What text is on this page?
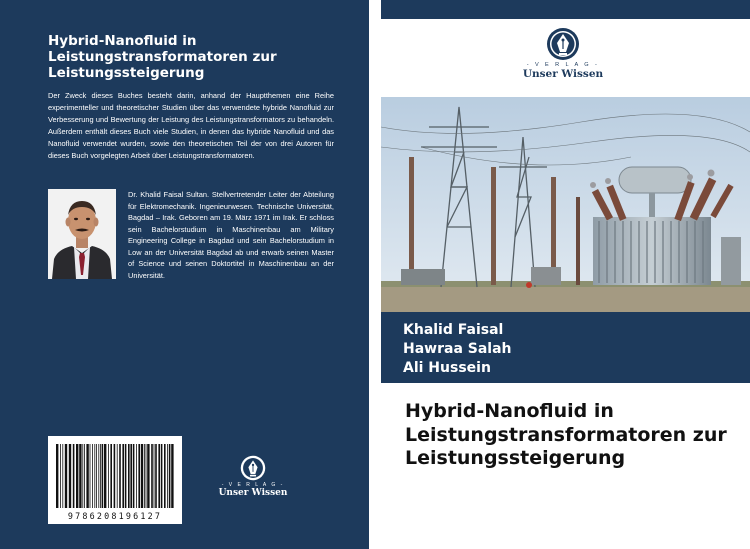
Hybrid-Nanofluid in Leistungstransformatoren zur Leistungssteigerung
Der Zweck dieses Buches besteht darin, anhand der Hauptthemen eine Reihe experimenteller und theoretischer Studien über das verwendete hybride Nanofluid zur Verbesserung und Bewertung der Leistung des Leistungstransformators zu behandeln. Außerdem enthält dieses Buch viele Studien, in denen das hybride Nanofluid und das Nanofluid verwendet wurden, sowie den theoretischen Teil der von drei Autoren für dieses Buch vorgelegten Arbeit über Leistungstransformatoren.
Dr. Khalid Faisal Sultan. Stellvertretender Leiter der Abteilung für Elektromechanik. Ingenieurwesen. Technische Universität, Bagdad – Irak. Geboren am 19. März 1971 im Irak. Er schloss sein Bachelorstudium in Maschinenbau am Military Engineering College in Bagdad und sein Bachelorstudium in Low an der Universität Bagdad ab und erwarb seinen Master of Science und seinen Doktortitel in Maschinenbau an der Universität.
9786208196127
- V E R L A G -
Unser Wissen
- V E R L A G -
Unser Wissen
Khalid Faisal
Hawraa Salah
Ali Hussein
Hybrid-Nanofluid in Leistungstransformatoren zur Leistungssteigerung
